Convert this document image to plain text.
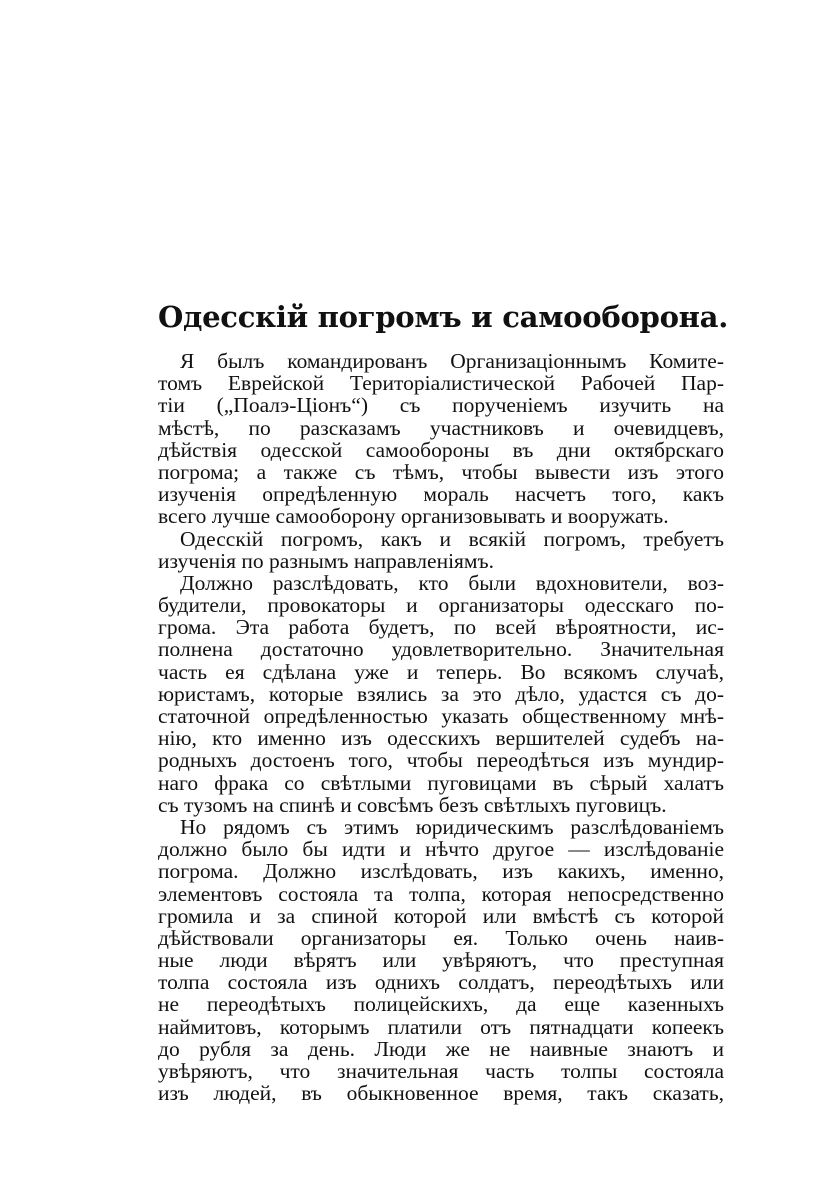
Одесскій погромъ и самооборона.
Я былъ командированъ Организаціоннымъ Комите-
томъ Еврейской Територіалистической Рабочей Пар-
тіи („Поалэ-Ціонъ“) съ порученіемъ изучить на
мѣстѣ, по разсказамъ участниковъ и очевидцевъ,
дѣйствія одесской самообороны въ дни октябрскаго
погрома; а также съ тѣмъ, чтобы вывести изъ этого
изученія опредѣленную мораль насчетъ того, какъ
всего лучше самооборону организовывать и вооружать.
Одесскій погромъ, какъ и всякій погромъ, требуетъ
изученія по разнымъ направленіямъ.
Должно разслѣдовать, кто были вдохновители, воз-
будители, провокаторы и организаторы одесскаго по-
грома. Эта работа будетъ, по всей вѣроятности, ис-
полнена достаточно удовлетворительно. Значительная
часть ея сдѣлана уже и теперь. Во всякомъ случаѣ,
юристамъ, которые взялись за это дѣло, удастся съ до-
статочной опредѣленностью указать общественному мнѣ-
нію, кто именно изъ одесскихъ вершителей судебъ на-
родныхъ достоенъ того, чтобы переодѣться изъ мундир-
наго фрака со свѣтлыми пуговицами въ сѣрый халатъ
съ тузомъ на спинѣ и совсѣмъ безъ свѣтлыхъ пуговицъ.
Но рядомъ съ этимъ юридическимъ разслѣдованіемъ
должно было бы идти и нѣчто другое — изслѣдованіе
погрома. Должно изслѣдовать, изъ какихъ, именно,
элементовъ состояла та толпа, которая непосредственно
громила и за спиной которой или вмѣстѣ съ которой
дѣйствовали организаторы ея. Только очень наив-
ные люди вѣрятъ или увѣряютъ, что преступная
толпа состояла изъ однихъ солдатъ, переодѣтыхъ или
не переодѣтыхъ полицейскихъ, да еще казенныхъ
наймитовъ, которымъ платили отъ пятнадцати копеекъ
до рубля за день. Люди же не наивные знаютъ и
увѣряютъ, что значительная часть толпы состояла
изъ людей, въ обыкновенное время, такъ сказать,
